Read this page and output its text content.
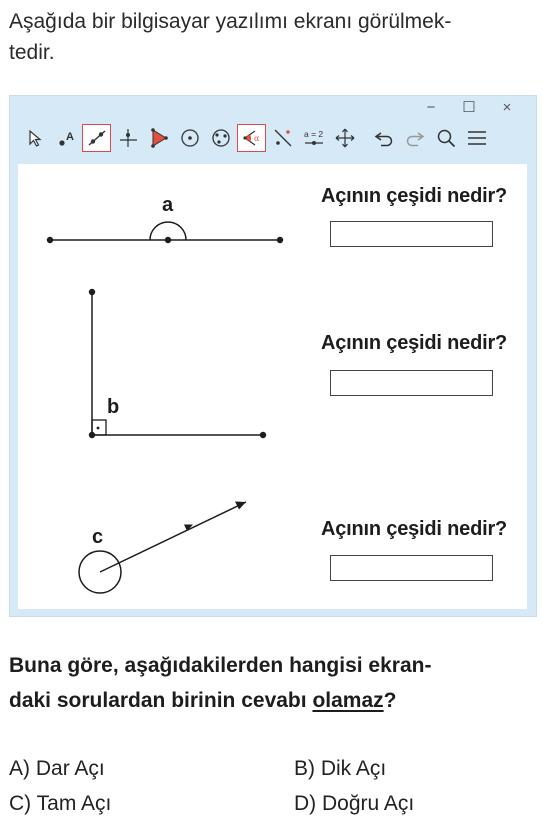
Aşağıda bir bilgisayar yazılımı ekranı görülmek-
tedir.
−	☐	×
A	α	a = 2
a
b
c
Açının çeşidi nedir?
Açının çeşidi nedir?
Açının çeşidi nedir?
Buna göre, aşağıdakilerden hangisi ekran-
daki sorulardan birinin cevabı olamaz?
A) Dar Açı	B) Dik Açı
C) Tam Açı	D) Doğru Açı
